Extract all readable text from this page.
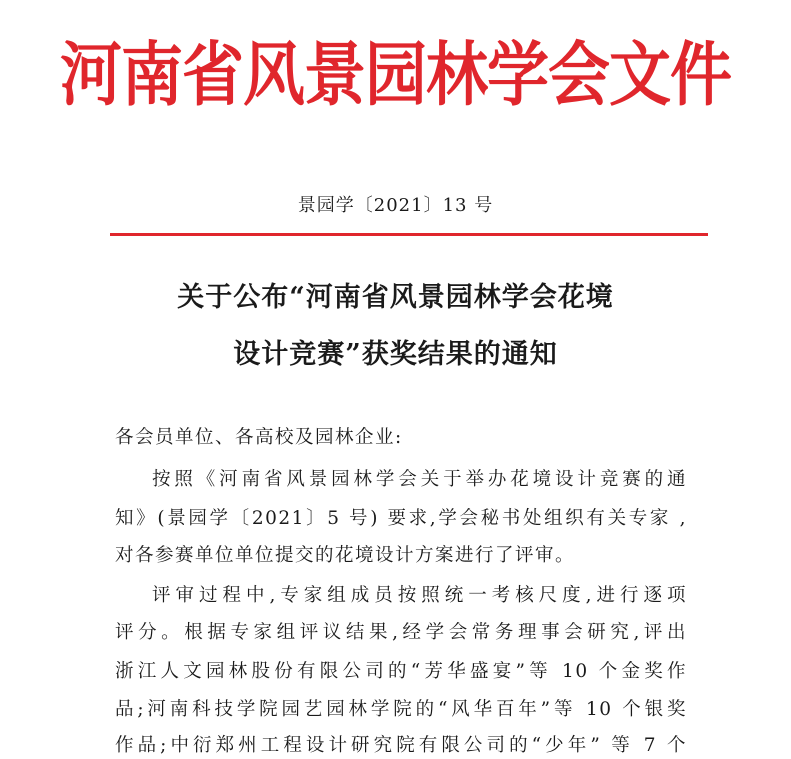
河南省风景园林学会文件
景园学〔2021〕13 号
关于公布“河南省风景园林学会花境
设计竞赛”获奖结果的通知
各会员单位、各高校及园林企业:
按照《河南省风景园林学会关于举办花境设计竞赛的通
知》(景园学〔2021〕5 号) 要求,学会秘书处组织有关专家 ,
对各参赛单位单位提交的花境设计方案进行了评审。
评审过程中,专家组成员按照统一考核尺度,进行逐项
评分。根据专家组评议结果,经学会常务理事会研究,评出
浙江人文园林股份有限公司的“芳华盛宴”等 10 个金奖作
品;河南科技学院园艺园林学院的“风华百年”等 10 个银奖
作品;中衍郑州工程设计研究院有限公司的“少年” 等 7 个
